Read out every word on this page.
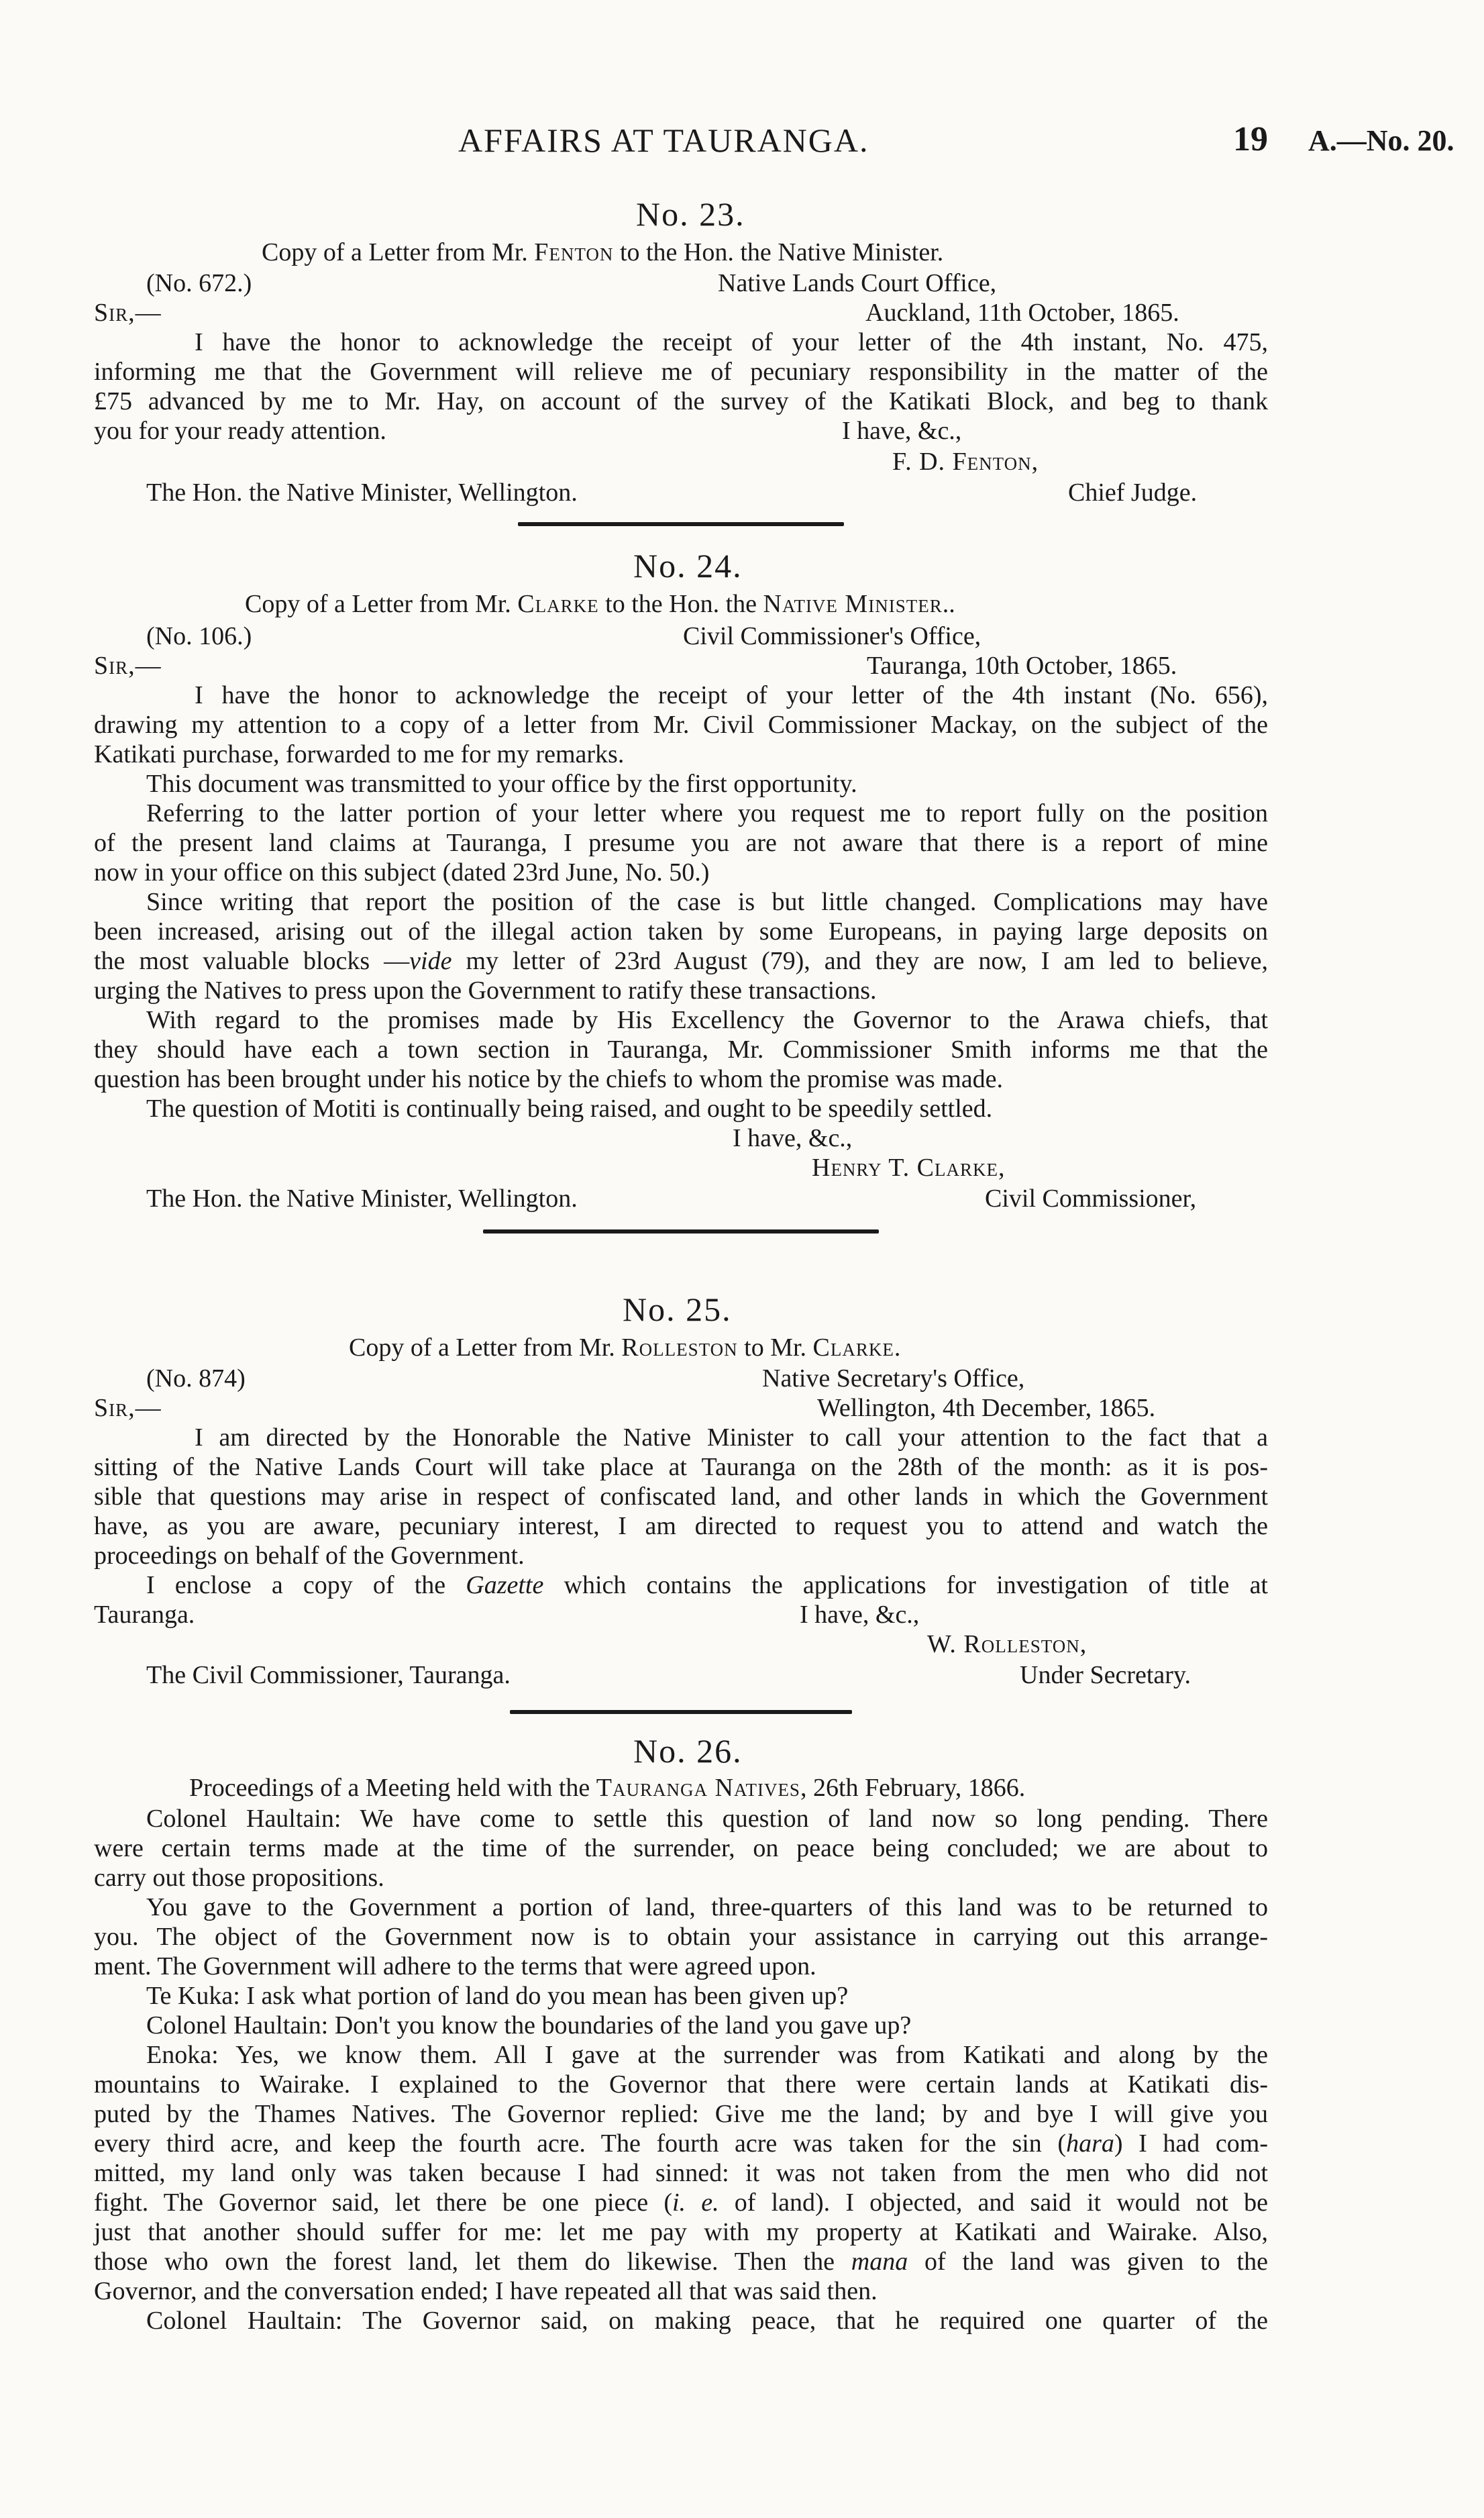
AFFAIRS AT TAURANGA.	19 A.—No. 20.
No. 23.
Copy of a Letter from Mr. Fenton to the Hon. the Native Minister.
(No. 672.)	Native Lands Court Office,
Sir,—	Auckland, 11th October, 1865.
I have the honor to acknowledge the receipt of your letter of the 4th instant, No. 475,
informing me that the Government will relieve me of pecuniary responsibility in the matter of the
£75 advanced by me to Mr. Hay, on account of the survey of the Katikati Block, and beg to thank
you for your ready attention.	I have, &c.,
F. D. Fenton,
The Hon. the Native Minister, Wellington.	Chief Judge.
No. 24.
Copy of a Letter from Mr. Clarke to the Hon. the Native Minister..
(No. 106.)	Civil Commissioner's Office,
Sir,—	Tauranga, 10th October, 1865.
I have the honor to acknowledge the receipt of your letter of the 4th instant (No. 656),
drawing my attention to a copy of a letter from Mr. Civil Commissioner Mackay, on the subject of the
Katikati purchase, forwarded to me for my remarks.
This document was transmitted to your office by the first opportunity.
Referring to the latter portion of your letter where you request me to report fully on the position
of the present land claims at Tauranga, I presume you are not aware that there is a report of mine
now in your office on this subject (dated 23rd June, No. 50.)
Since writing that report the position of the case is but little changed. Complications may have
been increased, arising out of the illegal action taken by some Europeans, in paying large deposits on
the most valuable blocks —vide my letter of 23rd August (79), and they are now, I am led to believe,
urging the Natives to press upon the Government to ratify these transactions.
With regard to the promises made by His Excellency the Governor to the Arawa chiefs, that
they should have each a town section in Tauranga, Mr. Commissioner Smith informs me that the
question has been brought under his notice by the chiefs to whom the promise was made.
The question of Motiti is continually being raised, and ought to be speedily settled.
I have, &c.,
Henry T. Clarke,
The Hon. the Native Minister, Wellington.	Civil Commissioner,
No. 25.
Copy of a Letter from Mr. Rolleston to Mr. Clarke.
(No. 874)	Native Secretary's Office,
Sir,—	Wellington, 4th December, 1865.
I am directed by the Honorable the Native Minister to call your attention to the fact that a
sitting of the Native Lands Court will take place at Tauranga on the 28th of the month: as it is pos-
sible that questions may arise in respect of confiscated land, and other lands in which the Government
have, as you are aware, pecuniary interest, I am directed to request you to attend and watch the
proceedings on behalf of the Government.
I enclose a copy of the Gazette which contains the applications for investigation of title at
Tauranga.	I have, &c.,
W. Rolleston,
The Civil Commissioner, Tauranga.	Under Secretary.
No. 26.
Proceedings of a Meeting held with the Tauranga Natives, 26th February, 1866.
Colonel Haultain: We have come to settle this question of land now so long pending. There
were certain terms made at the time of the surrender, on peace being concluded; we are about to
carry out those propositions.
You gave to the Government a portion of land, three-quarters of this land was to be returned to
you. The object of the Government now is to obtain your assistance in carrying out this arrange-
ment. The Government will adhere to the terms that were agreed upon.
Te Kuka: I ask what portion of land do you mean has been given up?
Colonel Haultain: Don't you know the boundaries of the land you gave up?
Enoka: Yes, we know them. All I gave at the surrender was from Katikati and along by the
mountains to Wairake. I explained to the Governor that there were certain lands at Katikati dis-
puted by the Thames Natives. The Governor replied: Give me the land; by and bye I will give you
every third acre, and keep the fourth acre. The fourth acre was taken for the sin (hara) I had com-
mitted, my land only was taken because I had sinned: it was not taken from the men who did not
fight. The Governor said, let there be one piece (i. e. of land). I objected, and said it would not be
just that another should suffer for me: let me pay with my property at Katikati and Wairake. Also,
those who own the forest land, let them do likewise. Then the mana of the land was given to the
Governor, and the conversation ended; I have repeated all that was said then.
Colonel Haultain: The Governor said, on making peace, that he required one quarter of the
